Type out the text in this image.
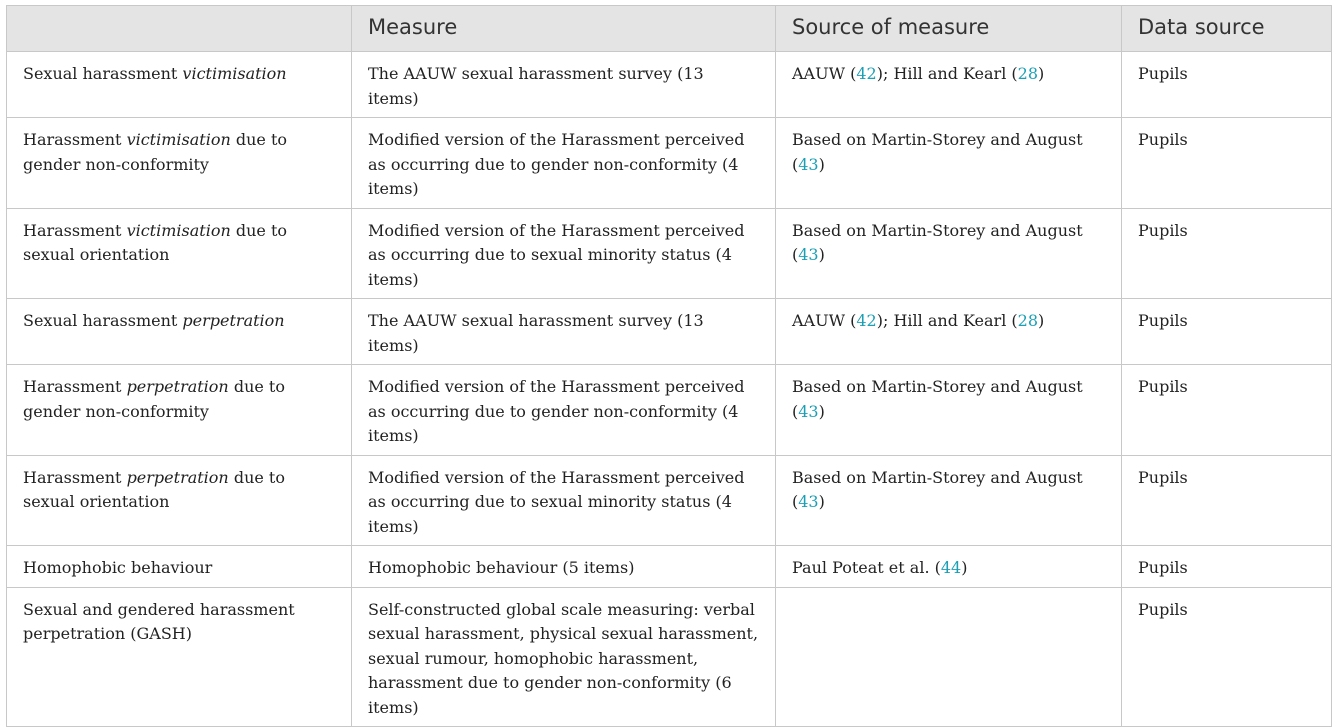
	Measure	Source of measure	Data source
Sexual harassment victimisation	The AAUW sexual harassment survey (13 items)	AAUW (42); Hill and Kearl (28)	Pupils
Harassment victimisation due to gender non-conformity	Modified version of the Harassment perceived as occurring due to gender non-conformity (4 items)	Based on Martin-Storey and August (43)	Pupils
Harassment victimisation due to sexual orientation	Modified version of the Harassment perceived as occurring due to sexual minority status (4 items)	Based on Martin-Storey and August (43)	Pupils
Sexual harassment perpetration	The AAUW sexual harassment survey (13 items)	AAUW (42); Hill and Kearl (28)	Pupils
Harassment perpetration due to gender non-conformity	Modified version of the Harassment perceived as occurring due to gender non-conformity (4 items)	Based on Martin-Storey and August (43)	Pupils
Harassment perpetration due to sexual orientation	Modified version of the Harassment perceived as occurring due to sexual minority status (4 items)	Based on Martin-Storey and August (43)	Pupils
Homophobic behaviour	Homophobic behaviour (5 items)	Paul Poteat et al. (44)	Pupils
Sexual and gendered harassment perpetration (GASH)	Self-constructed global scale measuring: verbal sexual harassment, physical sexual harassment, sexual rumour, homophobic harassment, harassment due to gender non-conformity (6 items)		Pupils
